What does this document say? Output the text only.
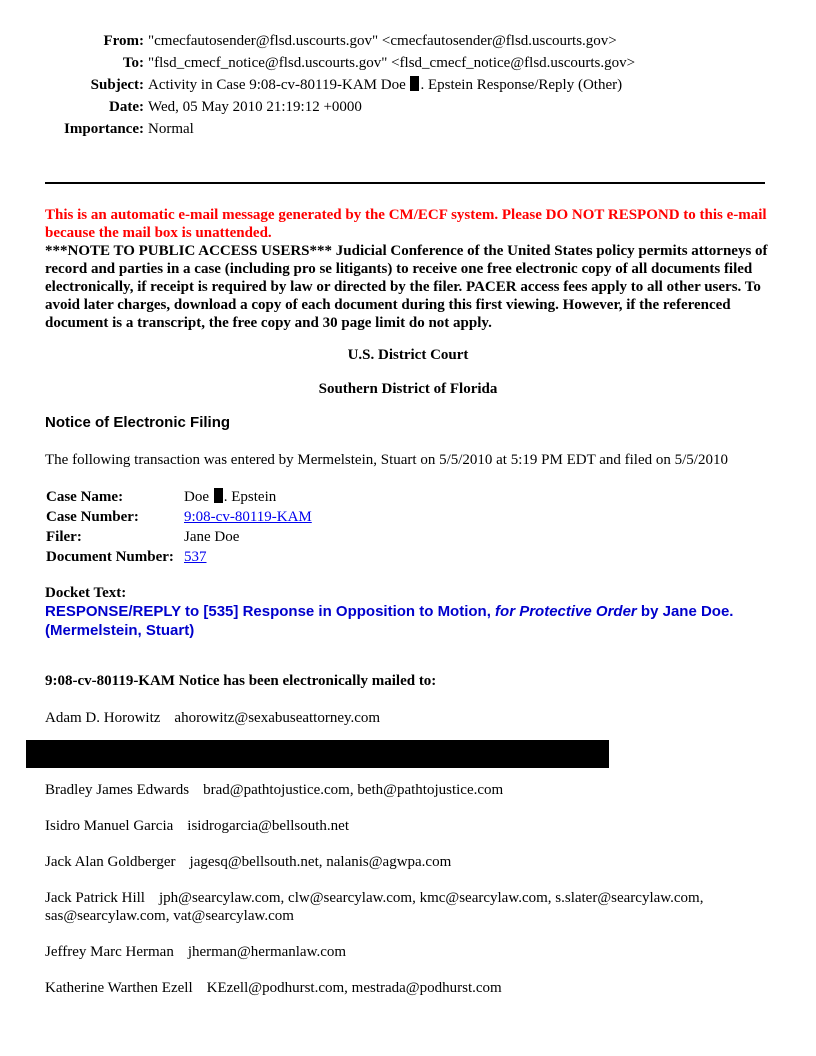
From: "cmecfautosender@flsd.uscourts.gov" <cmecfautosender@flsd.uscourts.gov>
To: "flsd_cmecf_notice@flsd.uscourts.gov" <flsd_cmecf_notice@flsd.uscourts.gov>
Subject: Activity in Case 9:08-cv-80119-KAM Doe . Epstein Response/Reply (Other)
Date: Wed, 05 May 2010 21:19:12 +0000
Importance: Normal
This is an automatic e-mail message generated by the CM/ECF system. Please DO NOT RESPOND to this e-mail because the mail box is unattended.
***NOTE TO PUBLIC ACCESS USERS*** Judicial Conference of the United States policy permits attorneys of record and parties in a case (including pro se litigants) to receive one free electronic copy of all documents filed electronically, if receipt is required by law or directed by the filer. PACER access fees apply to all other users. To avoid later charges, download a copy of each document during this first viewing. However, if the referenced document is a transcript, the free copy and 30 page limit do not apply.
U.S. District Court
Southern District of Florida
Notice of Electronic Filing
The following transaction was entered by Mermelstein, Stuart on 5/5/2010 at 5:19 PM EDT and filed on 5/5/2010
Case Name:	Doe . Epstein
Case Number:	9:08-cv-80119-KAM
Filer:	Jane Doe
Document Number:	537
Docket Text:
RESPONSE/REPLY to [535] Response in Opposition to Motion, for Protective Order by Jane Doe. (Mermelstein, Stuart)
9:08-cv-80119-KAM Notice has been electronically mailed to:
Adam D. Horowitz ahorowitz@sexabuseattorney.com
Bradley James Edwards brad@pathtojustice.com, beth@pathtojustice.com
Isidro Manuel Garcia isidrogarcia@bellsouth.net
Jack Alan Goldberger jagesq@bellsouth.net, nalanis@agwpa.com
Jack Patrick Hill jph@searcylaw.com, clw@searcylaw.com, kmc@searcylaw.com, s.slater@searcylaw.com, sas@searcylaw.com, vat@searcylaw.com
Jeffrey Marc Herman jherman@hermanlaw.com
Katherine Warthen Ezell KEzell@podhurst.com, mestrada@podhurst.com
